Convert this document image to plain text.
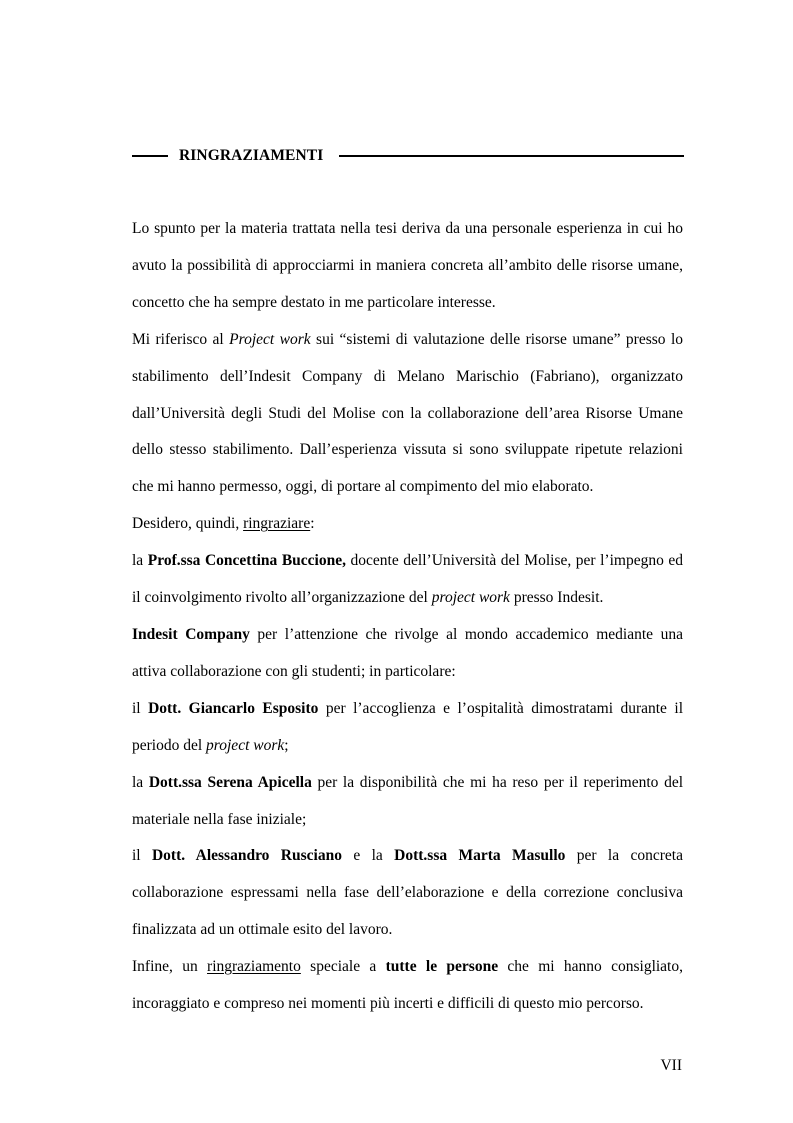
RINGRAZIAMENTI

Lo spunto per la materia trattata nella tesi deriva da una personale esperienza in cui ho avuto la possibilità di approcciarmi in maniera concreta all’ambito delle risorse umane, concetto che ha sempre destato in me particolare interesse.

Mi riferisco al Project work sui “sistemi di valutazione delle risorse umane” presso lo stabilimento dell’Indesit Company di Melano Marischio (Fabriano), organizzato dall’Università degli Studi del Molise con la collaborazione dell’area Risorse Umane dello stesso stabilimento. Dall’esperienza vissuta si sono sviluppate ripetute relazioni che mi hanno permesso, oggi, di portare al compimento del mio elaborato.

Desidero, quindi, ringraziare:

la Prof.ssa Concettina Buccione, docente dell’Università del Molise, per l’impegno ed il coinvolgimento rivolto all’organizzazione del project work presso Indesit.

Indesit Company per l’attenzione che rivolge al mondo accademico mediante una attiva collaborazione con gli studenti; in particolare:

il Dott. Giancarlo Esposito per l’accoglienza e l’ospitalità dimostratami durante il periodo del project work;

la Dott.ssa Serena Apicella per la disponibilità che mi ha reso per il reperimento del materiale nella fase iniziale;

il Dott. Alessandro Rusciano e la Dott.ssa Marta Masullo per la concreta collaborazione espressami nella fase dell’elaborazione e della correzione conclusiva finalizzata ad un ottimale esito del lavoro.

Infine, un ringraziamento speciale a tutte le persone che mi hanno consigliato, incoraggiato e compreso nei momenti più incerti e difficili di questo mio percorso.

VII
